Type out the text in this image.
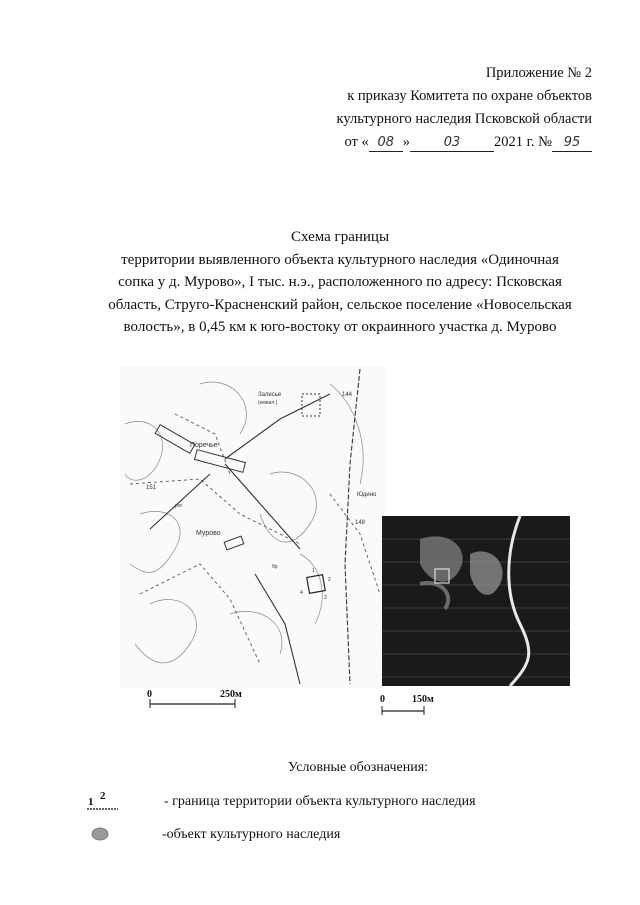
Приложение № 2
к приказу Комитета по охране объектов
культурного наследия Псковской области
от « 08 »	03 2021 г. № 95
Схема границы
территории выявленного объекта культурного наследия «Одиночная
сопка у д. Мурово», I тыс. н.э., расположенного по адресу: Псковская
область, Струго-Красненский район, сельское поселение «Новосельская
волость», в 0,45 км к юго-востоку от окраинного участка д. Мурово
Поречье
Залесье
(нежил.)
Мурово
Юдино
151
144
148
рог
бр
1
2
3
4
0	250м	0	150м
Условные обозначения:
1 2	- граница территории объекта культурного наследия
-объект культурного наследия
